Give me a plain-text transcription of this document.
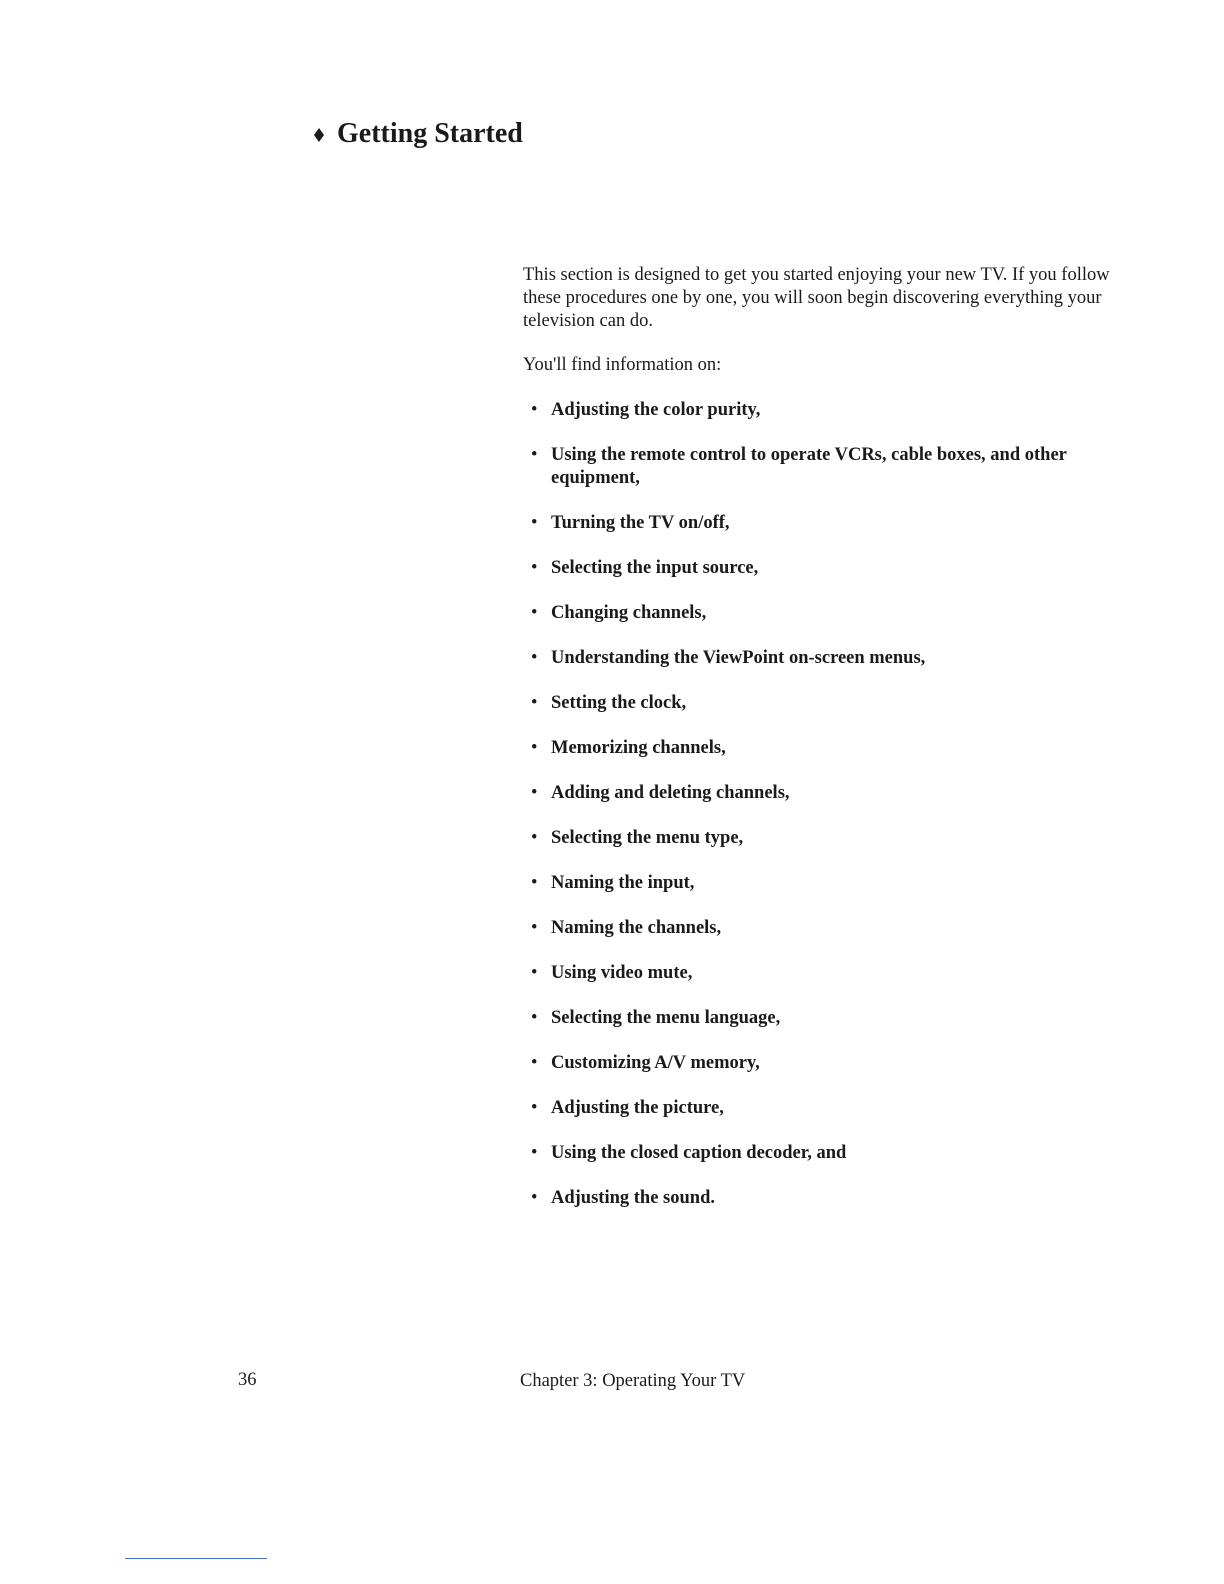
Getting Started

This section is designed to get you started enjoying your new TV. If you follow these procedures one by one, you will soon begin discovering everything your television can do.

You'll find information on:

• Adjusting the color purity,
• Using the remote control to operate VCRs, cable boxes, and other equipment,
• Turning the TV on/off,
• Selecting the input source,
• Changing channels,
• Understanding the ViewPoint on-screen menus,
• Setting the clock,
• Memorizing channels,
• Adding and deleting channels,
• Selecting the menu type,
• Naming the input,
• Naming the channels,
• Using video mute,
• Selecting the menu language,
• Customizing A/V memory,
• Adjusting the picture,
• Using the closed caption decoder, and
• Adjusting the sound.
36	Chapter 3: Operating Your TV
